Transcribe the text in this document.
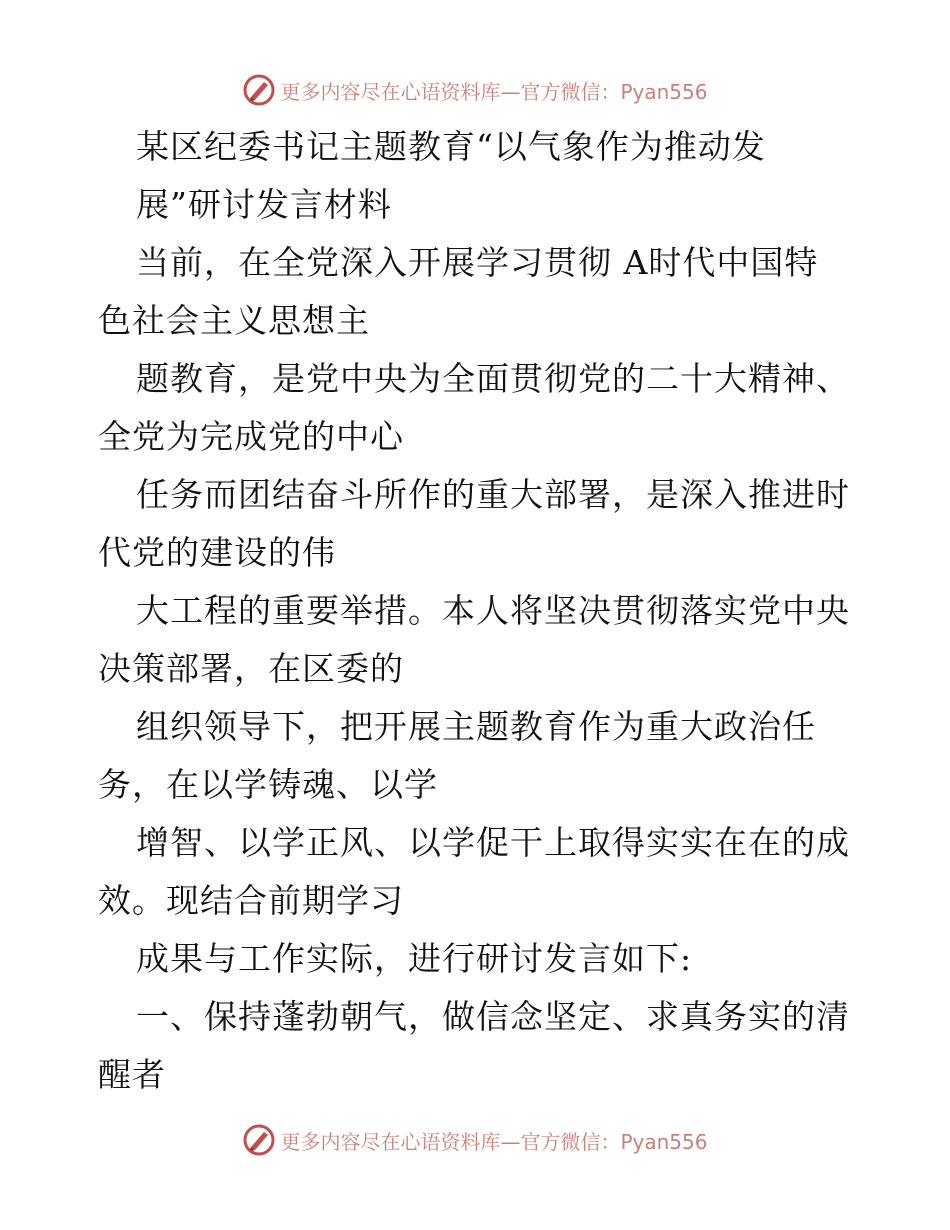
更多内容尽在心语资料库—官方微信：Pyan556
某区纪委书记主题教育“以气象作为推动发
展”研讨发言材料
当前，在全党深入开展学习贯彻 A时代中国特
色社会主义思想主
题教育，是党中央为全面贯彻党的二十大精神、
全党为完成党的中心
任务而团结奋斗所作的重大部署，是深入推进时
代党的建设的伟
大工程的重要举措。本人将坚决贯彻落实党中央
决策部署，在区委的
组织领导下，把开展主题教育作为重大政治任
务，在以学铸魂、以学
增智、以学正风、以学促干上取得实实在在的成
效。现结合前期学习
成果与工作实际，进行研讨发言如下:
一、保持蓬勃朝气，做信念坚定、求真务实的清
醒者
更多内容尽在心语资料库—官方微信：Pyan556
